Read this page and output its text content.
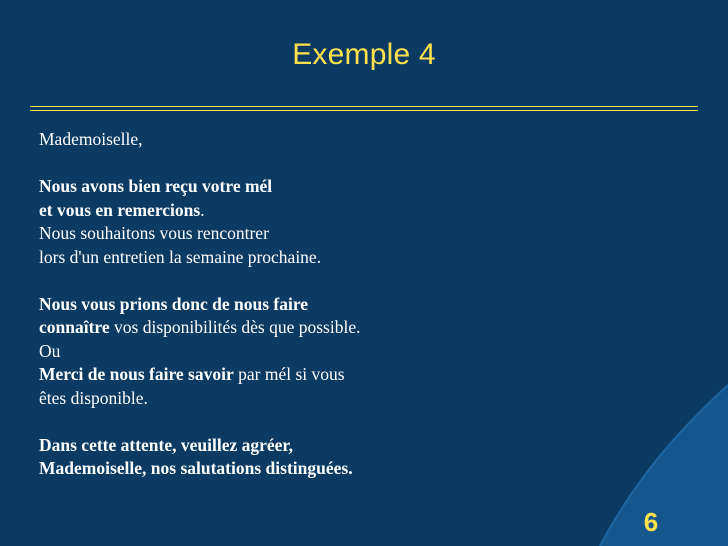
Exemple 4

Mademoiselle,

Nous avons bien reçu votre mél
et vous en remercions.
Nous souhaitons vous rencontrer
lors d'un entretien la semaine prochaine.

Nous vous prions donc de nous faire
connaître vos disponibilités dès que possible.
Ou
Merci de nous faire savoir par mél si vous
êtes disponible.

Dans cette attente, veuillez agréer,
Mademoiselle, nos salutations distinguées.

6
